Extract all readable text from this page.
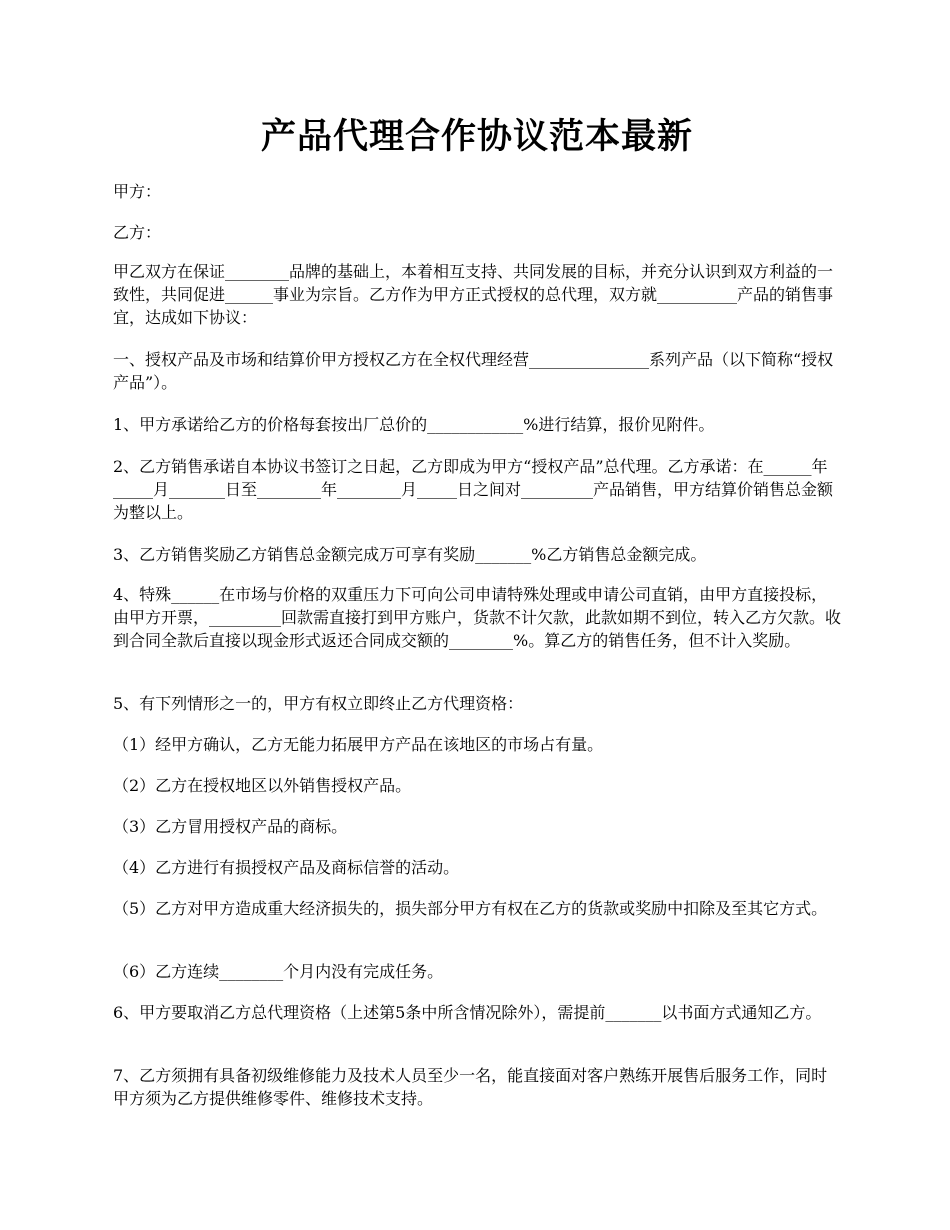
产品代理合作协议范本最新

甲方：

乙方：

甲乙双方在保证________品牌的基础上，本着相互支持、共同发展的目标，并充分认识到双方利益的一致性，共同促进______事业为宗旨。乙方作为甲方正式授权的总代理，双方就__________产品的销售事宜，达成如下协议：

一、授权产品及市场和结算价甲方授权乙方在全权代理经营_______________系列产品（以下简称“授权产品”）。

1、甲方承诺给乙方的价格每套按出厂总价的____________%进行结算，报价见附件。

2、乙方销售承诺自本协议书签订之日起，乙方即成为甲方“授权产品”总代理。乙方承诺：在______年_____月_______日至________年________月_____日之间对_________产品销售，甲方结算价销售总金额为整以上。

3、乙方销售奖励乙方销售总金额完成万可享有奖励_______%乙方销售总金额完成。

4、特殊______在市场与价格的双重压力下可向公司申请特殊处理或申请公司直销，由甲方直接投标，由甲方开票，_________回款需直接打到甲方账户，货款不计欠款，此款如期不到位，转入乙方欠款。收到合同全款后直接以现金形式返还合同成交额的________%。算乙方的销售任务，但不计入奖励。

5、有下列情形之一的，甲方有权立即终止乙方代理资格：

（1）经甲方确认，乙方无能力拓展甲方产品在该地区的市场占有量。

（2）乙方在授权地区以外销售授权产品。

（3）乙方冒用授权产品的商标。

（4）乙方进行有损授权产品及商标信誉的活动。

（5）乙方对甲方造成重大经济损失的，损失部分甲方有权在乙方的货款或奖励中扣除及至其它方式。

（6）乙方连续________个月内没有完成任务。

6、甲方要取消乙方总代理资格（上述第5条中所含情况除外），需提前_______以书面方式通知乙方。

7、乙方须拥有具备初级维修能力及技术人员至少一名，能直接面对客户熟练开展售后服务工作，同时甲方须为乙方提供维修零件、维修技术支持。
